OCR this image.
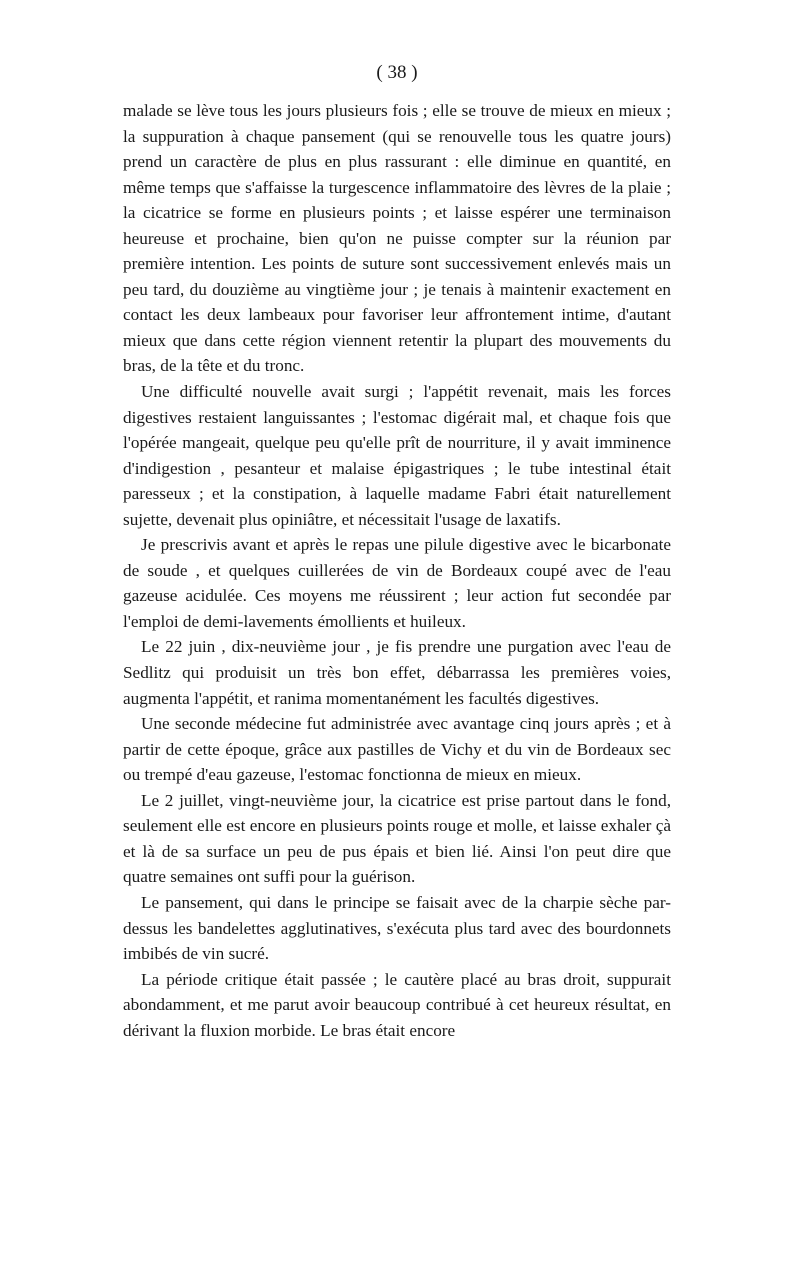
( 38 )

malade se lève tous les jours plusieurs fois ; elle se trouve de mieux en mieux ; la suppuration à chaque pansement (qui se renouvelle tous les quatre jours) prend un caractère de plus en plus rassurant : elle diminue en quantité, en même temps que s'affaisse la turgescence inflammatoire des lèvres de la plaie ; la cicatrice se forme en plusieurs points ; et laisse espérer une terminaison heureuse et prochaine, bien qu'on ne puisse compter sur la réunion par première intention. Les points de suture sont successivement enlevés mais un peu tard, du douzième au vingtième jour ; je tenais à maintenir exactement en contact les deux lambeaux pour favoriser leur affrontement intime, d'autant mieux que dans cette région viennent retentir la plupart des mouvements du bras, de la tête et du tronc.

Une difficulté nouvelle avait surgi ; l'appétit revenait, mais les forces digestives restaient languissantes ; l'estomac digérait mal, et chaque fois que l'opérée mangeait, quelque peu qu'elle prît de nourriture, il y avait imminence d'indigestion , pesanteur et malaise épigastriques ; le tube intestinal était paresseux ; et la constipation, à laquelle madame Fabri était naturellement sujette, devenait plus opiniâtre, et nécessitait l'usage de laxatifs.

Je prescrivis avant et après le repas une pilule digestive avec le bicarbonate de soude , et quelques cuillerées de vin de Bordeaux coupé avec de l'eau gazeuse acidulée. Ces moyens me réussirent ; leur action fut secondée par l'emploi de demi-lavements émollients et huileux.

Le 22 juin , dix-neuvième jour , je fis prendre une purgation avec l'eau de Sedlitz qui produisit un très bon effet, débarrassa les premières voies, augmenta l'appétit, et ranima momentanément les facultés digestives.

Une seconde médecine fut administrée avec avantage cinq jours après ; et à partir de cette époque, grâce aux pastilles de Vichy et du vin de Bordeaux sec ou trempé d'eau gazeuse, l'estomac fonctionna de mieux en mieux.

Le 2 juillet, vingt-neuvième jour, la cicatrice est prise partout dans le fond, seulement elle est encore en plusieurs points rouge et molle, et laisse exhaler çà et là de sa surface un peu de pus épais et bien lié. Ainsi l'on peut dire que quatre semaines ont suffi pour la guérison.

Le pansement, qui dans le principe se faisait avec de la charpie sèche par-dessus les bandelettes agglutinatives, s'exécuta plus tard avec des bourdonnets imbibés de vin sucré.

La période critique était passée ; le cautère placé au bras droit, suppurait abondamment, et me parut avoir beaucoup contribué à cet heureux résultat, en dérivant la fluxion morbide. Le bras était encore
